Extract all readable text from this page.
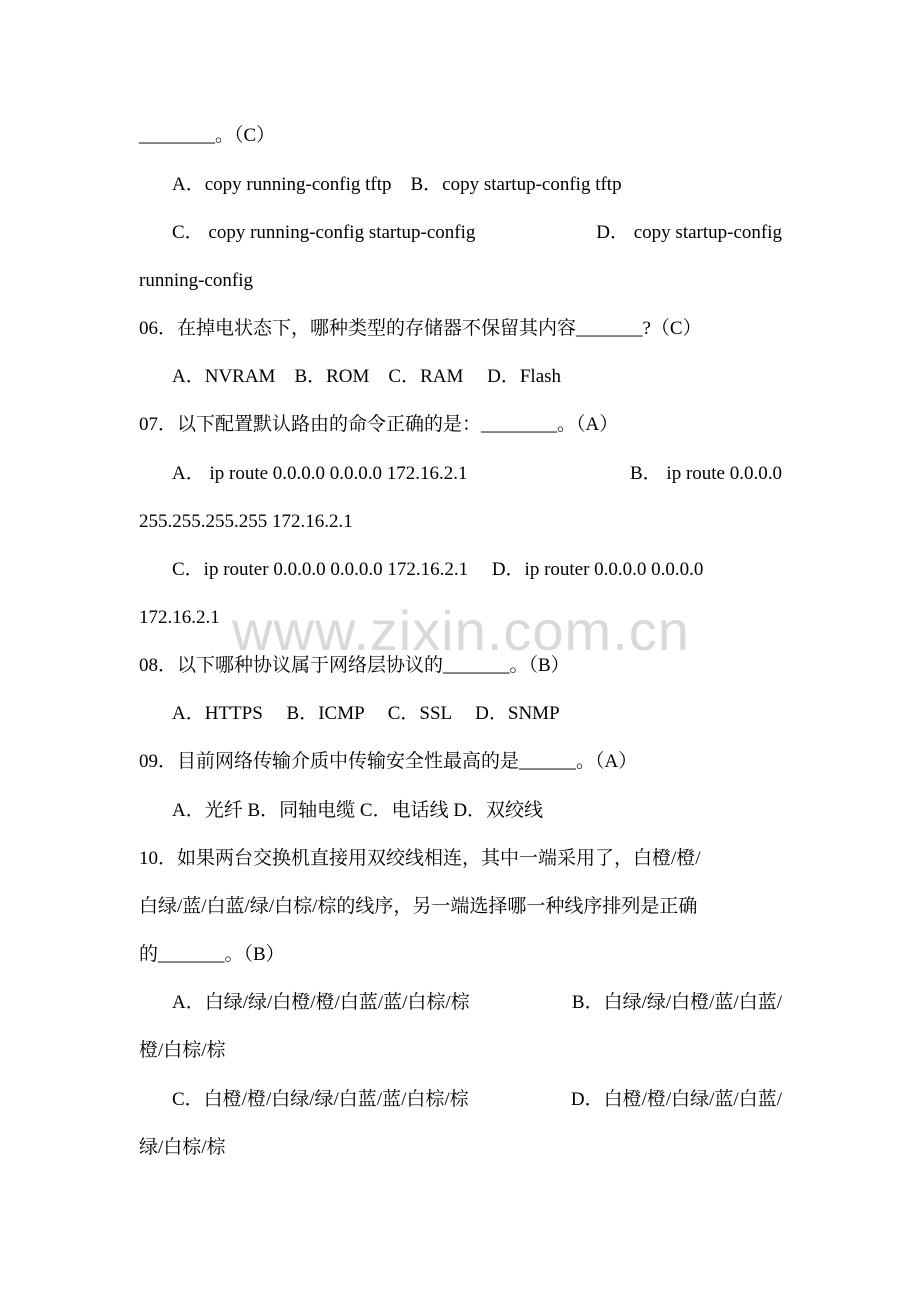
www.zixin.com.cn
________。（C）
A．copy running-config tftp　B．copy startup-config tftp
C． copy running-config startup-config	D． copy startup-config
running-config
06．在掉电状态下，哪种类型的存储器不保留其内容_______?（C）
A．NVRAM　B．ROM　C．RAM　 D．Flash
07．以下配置默认路由的命令正确的是：________。（A）
A． ip route 0.0.0.0 0.0.0.0 172.16.2.1	B． ip route 0.0.0.0
255.255.255.255 172.16.2.1
C．ip router 0.0.0.0 0.0.0.0 172.16.2.1　 D．ip router 0.0.0.0 0.0.0.0
172.16.2.1
08．以下哪种协议属于网络层协议的_______。（B）
A．HTTPS　 B．ICMP　 C．SSL　 D．SNMP
09．目前网络传输介质中传输安全性最高的是______。（A）
A．光纤 B．同轴电缆 C．电话线 D．双绞线
10．如果两台交换机直接用双绞线相连，其中一端采用了，白橙/橙/
白绿/蓝/白蓝/绿/白棕/棕的线序，另一端选择哪一种线序排列是正确
的_______。（B）
A．白绿/绿/白橙/橙/白蓝/蓝/白棕/棕	B．白绿/绿/白橙/蓝/白蓝/
橙/白棕/棕
C．白橙/橙/白绿/绿/白蓝/蓝/白棕/棕	D．白橙/橙/白绿/蓝/白蓝/
绿/白棕/棕
